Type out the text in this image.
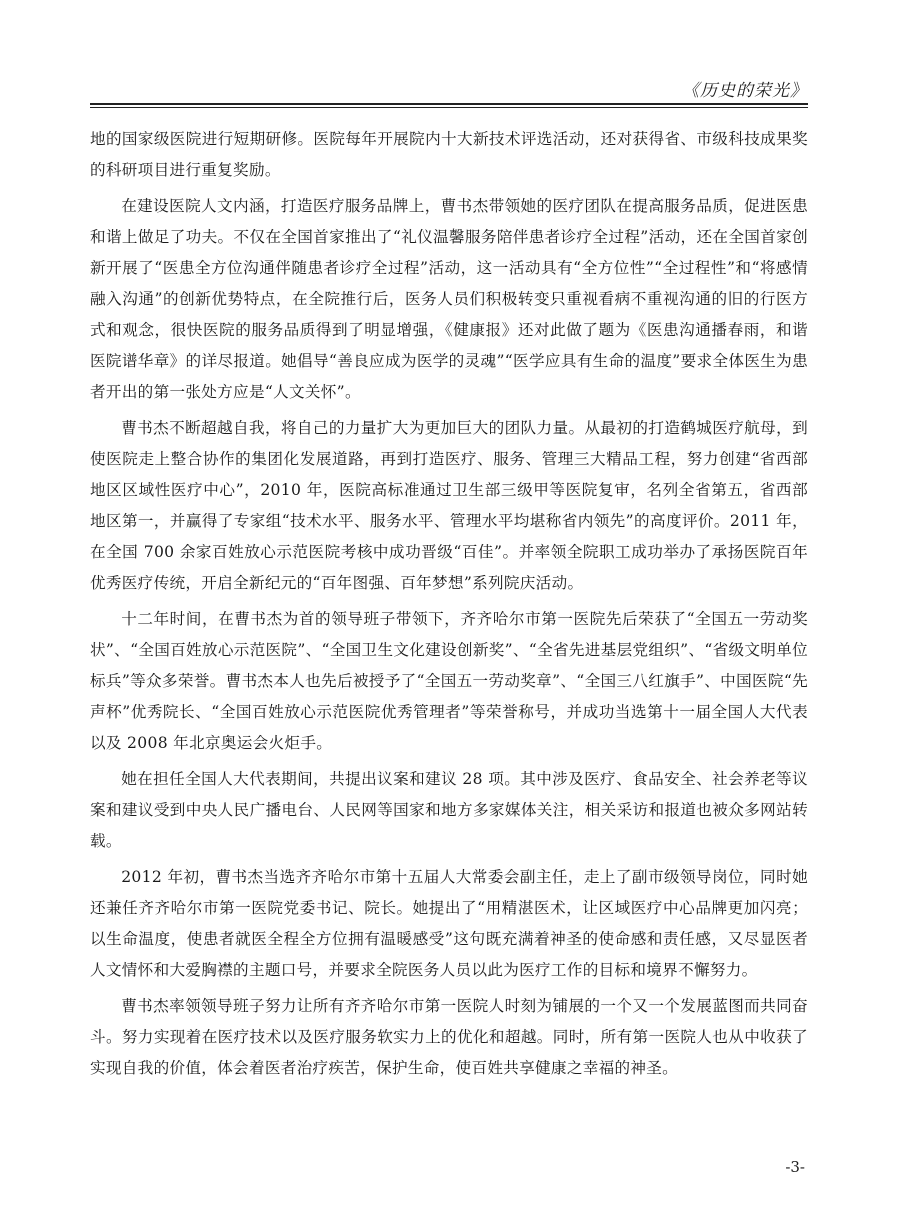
《历史的荣光》

地的国家级医院进行短期研修。医院每年开展院内十大新技术评选活动，还对获得省、市级科技成果奖的科研项目进行重复奖励。

在建设医院人文内涵，打造医疗服务品牌上，曹书杰带领她的医疗团队在提高服务品质，促进医患和谐上做足了功夫。不仅在全国首家推出了“礼仪温馨服务陪伴患者诊疗全过程”活动，还在全国首家创新开展了“医患全方位沟通伴随患者诊疗全过程”活动，这一活动具有“全方位性”“全过程性”和“将感情融入沟通”的创新优势特点，在全院推行后，医务人员们积极转变只重视看病不重视沟通的旧的行医方式和观念，很快医院的服务品质得到了明显增强，《健康报》还对此做了题为《医患沟通播春雨，和谐医院谱华章》的详尽报道。她倡导“善良应成为医学的灵魂”“医学应具有生命的温度”要求全体医生为患者开出的第一张处方应是“人文关怀”。

曹书杰不断超越自我，将自己的力量扩大为更加巨大的团队力量。从最初的打造鹤城医疗航母，到使医院走上整合协作的集团化发展道路，再到打造医疗、服务、管理三大精品工程，努力创建“省西部地区区域性医疗中心”，2010 年，医院高标准通过卫生部三级甲等医院复审，名列全省第五，省西部地区第一，并赢得了专家组“技术水平、服务水平、管理水平均堪称省内领先”的高度评价。2011 年，在全国 700 余家百姓放心示范医院考核中成功晋级“百佳”。并率领全院职工成功举办了承扬医院百年优秀医疗传统，开启全新纪元的“百年图强、百年梦想”系列院庆活动。

十二年时间，在曹书杰为首的领导班子带领下，齐齐哈尔市第一医院先后荣获了“全国五一劳动奖状”、“全国百姓放心示范医院”、“全国卫生文化建设创新奖”、“全省先进基层党组织”、“省级文明单位标兵”等众多荣誉。曹书杰本人也先后被授予了“全国五一劳动奖章”、“全国三八红旗手”、中国医院“先声杯”优秀院长、“全国百姓放心示范医院优秀管理者”等荣誉称号，并成功当选第十一届全国人大代表以及 2008 年北京奥运会火炬手。

她在担任全国人大代表期间，共提出议案和建议 28 项。其中涉及医疗、食品安全、社会养老等议案和建议受到中央人民广播电台、人民网等国家和地方多家媒体关注，相关采访和报道也被众多网站转载。

2012 年初，曹书杰当选齐齐哈尔市第十五届人大常委会副主任，走上了副市级领导岗位，同时她还兼任齐齐哈尔市第一医院党委书记、院长。她提出了“用精湛医术，让区域医疗中心品牌更加闪亮；以生命温度，使患者就医全程全方位拥有温暖感受”这句既充满着神圣的使命感和责任感，又尽显医者人文情怀和大爱胸襟的主题口号，并要求全院医务人员以此为医疗工作的目标和境界不懈努力。

曹书杰率领领导班子努力让所有齐齐哈尔市第一医院人时刻为铺展的一个又一个发展蓝图而共同奋斗。努力实现着在医疗技术以及医疗服务软实力上的优化和超越。同时，所有第一医院人也从中收获了实现自我的价值，体会着医者治疗疾苦，保护生命，使百姓共享健康之幸福的神圣。

-3-
